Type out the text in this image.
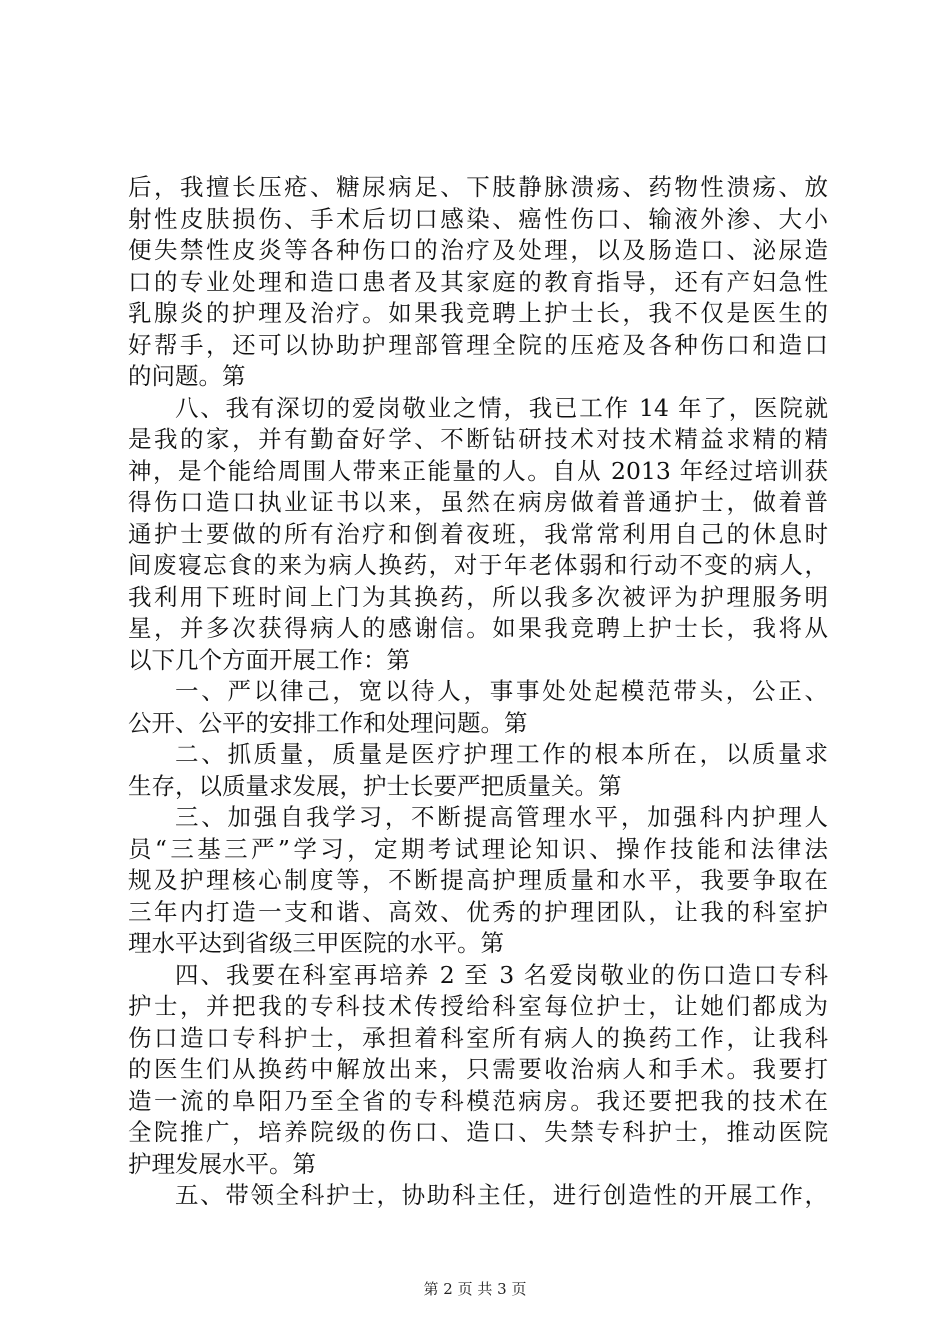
后，我擅长压疮、糖尿病足、下肢静脉溃疡、药物性溃疡、放
射性皮肤损伤、手术后切口感染、癌性伤口、输液外渗、大小
便失禁性皮炎等各种伤口的治疗及处理，以及肠造口、泌尿造
口的专业处理和造口患者及其家庭的教育指导，还有产妇急性
乳腺炎的护理及治疗。如果我竞聘上护士长，我不仅是医生的
好帮手，还可以协助护理部管理全院的压疮及各种伤口和造口
的问题。第
八、我有深切的爱岗敬业之情，我已工作 14 年了，医院就
是我的家，并有勤奋好学、不断钻研技术对技术精益求精的精
神，是个能给周围人带来正能量的人。自从 2013 年经过培训获
得伤口造口执业证书以来，虽然在病房做着普通护士，做着普
通护士要做的所有治疗和倒着夜班，我常常利用自己的休息时
间废寝忘食的来为病人换药，对于年老体弱和行动不变的病人，
我利用下班时间上门为其换药，所以我多次被评为护理服务明
星，并多次获得病人的感谢信。如果我竞聘上护士长，我将从
以下几个方面开展工作：第
一、严以律己，宽以待人，事事处处起模范带头，公正、
公开、公平的安排工作和处理问题。第
二、抓质量，质量是医疗护理工作的根本所在，以质量求
生存，以质量求发展，护士长要严把质量关。第
三、加强自我学习，不断提高管理水平，加强科内护理人
员“三基三严”学习，定期考试理论知识、操作技能和法律法
规及护理核心制度等，不断提高护理质量和水平，我要争取在
三年内打造一支和谐、高效、优秀的护理团队，让我的科室护
理水平达到省级三甲医院的水平。第
四、我要在科室再培养 2 至 3 名爱岗敬业的伤口造口专科
护士，并把我的专科技术传授给科室每位护士，让她们都成为
伤口造口专科护士，承担着科室所有病人的换药工作，让我科
的医生们从换药中解放出来，只需要收治病人和手术。我要打
造一流的阜阳乃至全省的专科模范病房。我还要把我的技术在
全院推广，培养院级的伤口、造口、失禁专科护士，推动医院
护理发展水平。第
五、带领全科护士，协助科主任，进行创造性的开展工作，
第 2 页 共 3 页
